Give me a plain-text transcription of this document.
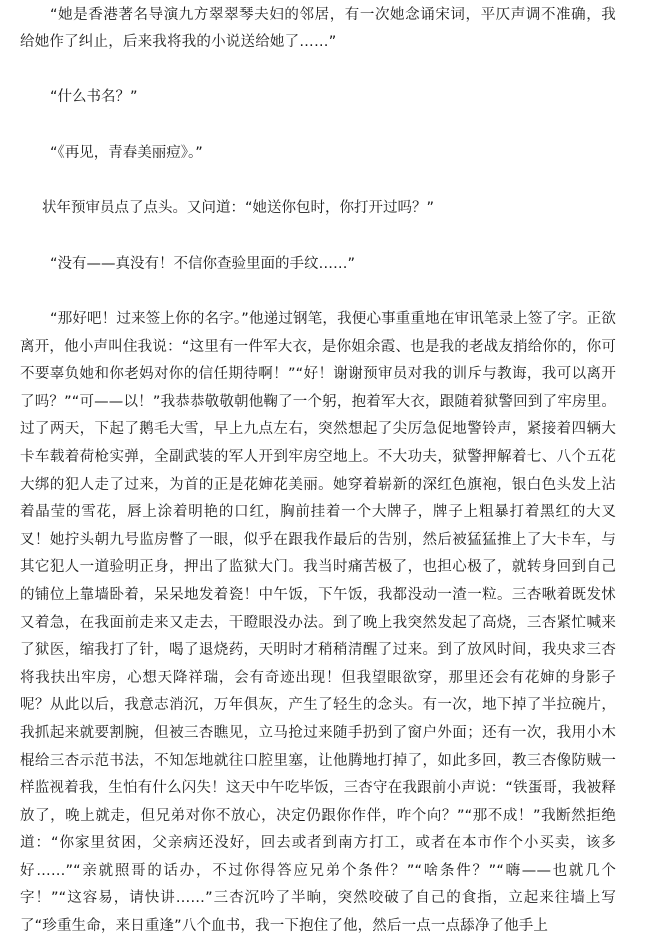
“她是香港著名导演九方翠翠琴夫妇的邻居，有一次她念诵宋词，平仄声调不准确，我给她作了纠止，后来我将我的小说送给她了……”
“什么书名？”
“《再见，青春美丽痘》。”
状年预审员点了点头。又问道：“她送你包时，你打开过吗？”
“没有——真没有！不信你查验里面的手纹……”
“那好吧！过来签上你的名字。”他递过钢笔，我便心事重重地在审讯笔录上签了字。正欲离开，他小声叫住我说：“这里有一件军大衣，是你姐余霞、也是我的老战友捎给你的，你可不要辜负她和你老妈对你的信任期待啊！”“好！谢谢预审员对我的训斥与教诲，我可以离开了吗？”“可——以！”我恭恭敬敬朝他鞠了一个躬，抱着军大衣，跟随着狱警回到了牢房里。过了两天，下起了鹅毛大雪，早上九点左右，突然想起了尖厉急促地警铃声，紧接着四辆大卡车载着荷枪实弹，全副武装的军人开到牢房空地上。不大功夫，狱警押解着七、八个五花大绑的犯人走了过来，为首的正是花婶花美丽。她穿着崭新的深红色旗袍，银白色头发上沾着晶莹的雪花，唇上涂着明艳的口红，胸前挂着一个大牌子，牌子上粗暴打着黑红的大叉叉！她拧头朝九号监房瞥了一眼，似乎在跟我作最后的告别，然后被猛猛推上了大卡车，与其它犯人一道验明正身，押出了监狱大门。我当时痛苦极了，也担心极了，就转身回到自己的铺位上靠墙卧着，呆呆地发着瓷！中午饭，下午饭，我都没动一渣一粒。三杏啾着既发怵又着急，在我面前走来又走去，干瞪眼没办法。到了晚上我突然发起了高烧，三杏紧忙喊来了狱医，缩我打了针，喝了退烧药，天明时才稍稍清醒了过来。到了放风时间，我央求三杏将我扶出牢房，心想天降祥瑞，会有奇迹出现！但我望眼欲穿，那里还会有花婶的身影子呢？从此以后，我意志消沉，万年俱灰，产生了轻生的念头。有一次，地下掉了半拉碗片，我抓起来就要割腕，但被三杏瞧见，立马抢过来随手扔到了窗户外面；还有一次，我用小木棍给三杏示范书法，不知怎地就往口腔里塞，让他腾地打掉了，如此多回，教三杏像防贼一样监视着我，生怕有什么闪失！这天中午吃毕饭，三杏守在我跟前小声说：“铁蛋哥，我被释放了，晚上就走，但兄弟对你不放心，决定仍跟你作伴，咋个向？”“那不成！”我断然拒绝道：“你家里贫困，父亲病还没好，回去或者到南方打工，或者在本市作个小买卖，该多好……”“亲就照哥的话办，不过你得答应兄弟个条件？”“啥条件？”“嗨——也就几个字！”“这容易，请快讲……”三杏沉吟了半晌，突然咬破了自己的食指，立起来往墙上写了“珍重生命，来日重逢”八个血书，我一下抱住了他，然后一点一点舔净了他手上
